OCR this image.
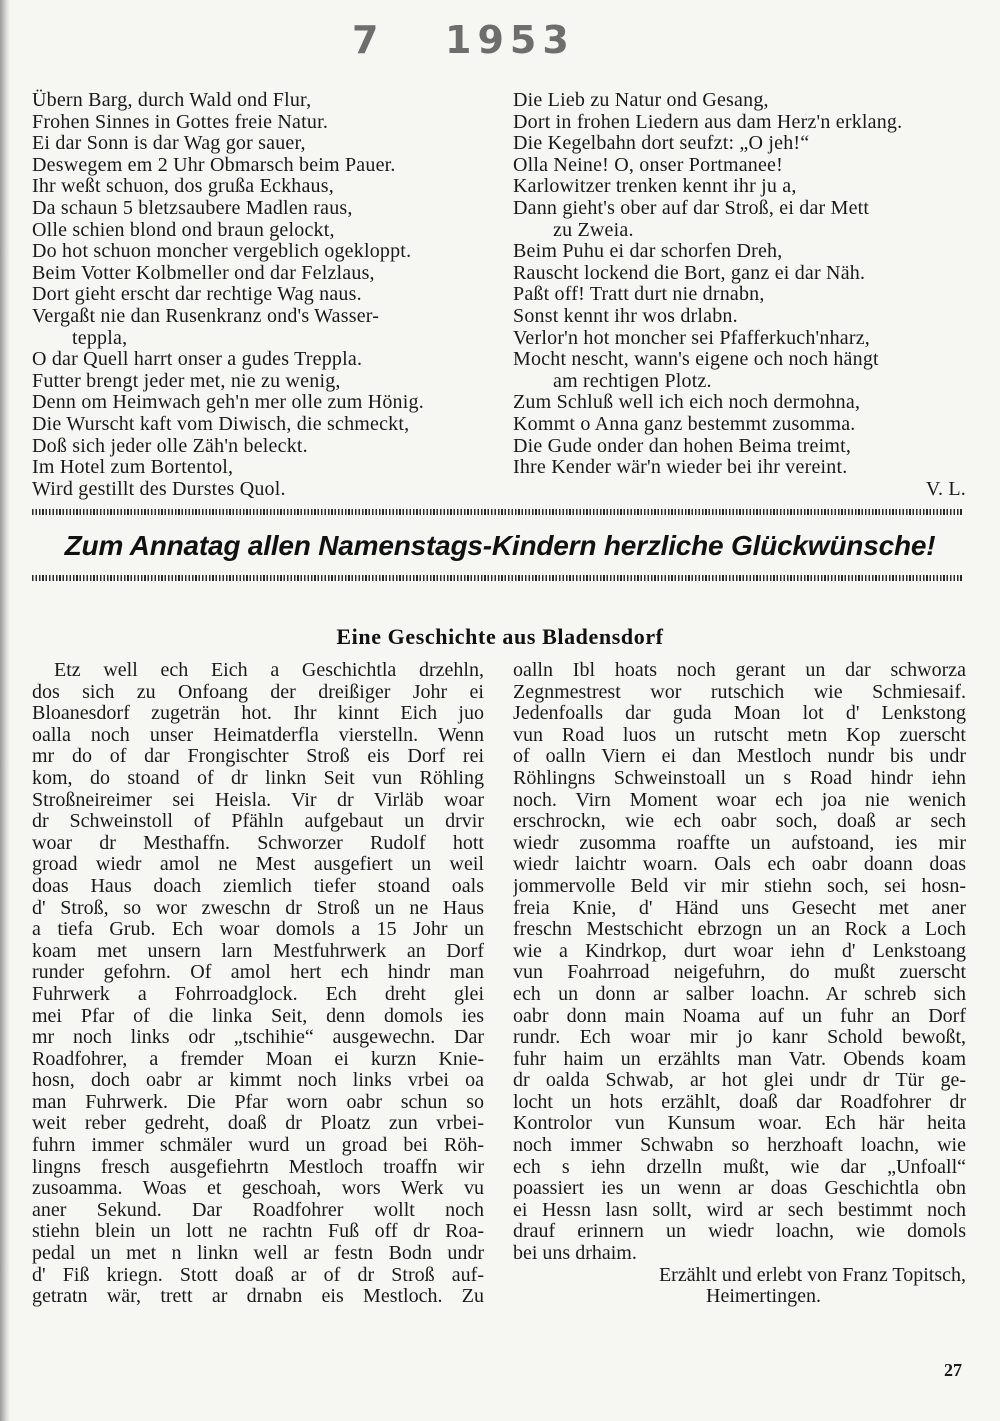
7 1953
Übern Barg, durch Wald ond Flur,
Frohen Sinnes in Gottes freie Natur.
Ei dar Sonn is dar Wag gor sauer,
Deswegem em 2 Uhr Obmarsch beim Pauer.
Ihr weßt schuon, dos grußa Eckhaus,
Da schaun 5 bletzsaubere Madlen raus,
Olle schien blond ond braun gelockt,
Do hot schuon moncher vergeblich ogekloppt.
Beim Votter Kolbmeller ond dar Felzlaus,
Dort gieht erscht dar rechtige Wag naus.
Vergaßt nie dan Rusenkranz ond's Wasser-
teppla,
O dar Quell harrt onser a gudes Treppla.
Futter brengt jeder met, nie zu wenig,
Denn om Heimwach geh'n mer olle zum Hönig.
Die Wurscht kaft vom Diwisch, die schmeckt,
Doß sich jeder olle Zäh'n beleckt.
Im Hotel zum Bortentol,
Wird gestillt des Durstes Quol.
Die Lieb zu Natur ond Gesang,
Dort in frohen Liedern aus dam Herz'n erklang.
Die Kegelbahn dort seufzt: „O jeh!“
Olla Neine! O, onser Portmanee!
Karlowitzer trenken kennt ihr ju a,
Dann gieht's ober auf dar Stroß, ei dar Mett
zu Zweia.
Beim Puhu ei dar schorfen Dreh,
Rauscht lockend die Bort, ganz ei dar Näh.
Paßt off! Tratt durt nie drnabn,
Sonst kennt ihr wos drlabn.
Verlor'n hot moncher sei Pfafferkuch'nharz,
Mocht nescht, wann's eigene och noch hängt
am rechtigen Plotz.
Zum Schluß well ich eich noch dermohna,
Kommt o Anna ganz bestemmt zusomma.
Die Gude onder dan hohen Beima treimt,
Ihre Kender wär'n wieder bei ihr vereint.
V. L.
Zum Annatag allen Namenstags-Kindern herzliche Glückwünsche!
Eine Geschichte aus Bladensdorf
Etz well ech Eich a Geschichtla drzehln,
dos sich zu Onfoang der dreißiger Johr ei
Bloanesdorf zugeträn hot. Ihr kinnt Eich juo
oalla noch unser Heimatderfla vierstelln. Wenn
mr do of dar Frongischter Stroß eis Dorf rei
kom, do stoand of dr linkn Seit vun Röhling
Stroßneireimer sei Heisla. Vir dr Virläb woar
dr Schweinstoll of Pfähln aufgebaut un drvir
woar dr Mesthaffn. Schworzer Rudolf hott
groad wiedr amol ne Mest ausgefiert un weil
doas Haus doach ziemlich tiefer stoand oals
d' Stroß, so wor zweschn dr Stroß un ne Haus
a tiefa Grub. Ech woar domols a 15 Johr un
koam met unsern larn Mestfuhrwerk an Dorf
runder gefohrn. Of amol hert ech hindr man
Fuhrwerk a Fohrroadglock. Ech dreht glei
mei Pfar of die linka Seit, denn domols ies
mr noch links odr „tschihie“ ausgewechn. Dar
Roadfohrer, a fremder Moan ei kurzn Knie-
hosn, doch oabr ar kimmt noch links vrbei oa
man Fuhrwerk. Die Pfar worn oabr schun so
weit reber gedreht, doaß dr Ploatz zun vrbei-
fuhrn immer schmäler wurd un groad bei Röh-
lingns fresch ausgefiehrtn Mestloch troaffn wir
zusoamma. Woas et geschoah, wors Werk vu
aner Sekund. Dar Roadfohrer wollt noch
stiehn blein un lott ne rachtn Fuß off dr Roa-
pedal un met n linkn well ar festn Bodn undr
d' Fiß kriegn. Stott doaß ar of dr Stroß auf-
getratn wär, trett ar drnabn eis Mestloch. Zu
oalln Ibl hoats noch gerant un dar schworza
Zegnmestrest wor rutschich wie Schmiesaif.
Jedenfoalls dar guda Moan lot d' Lenkstong
vun Road luos un rutscht metn Kop zuerscht
of oalln Viern ei dan Mestloch nundr bis undr
Röhlingns Schweinstoall un s Road hindr iehn
noch. Virn Moment woar ech joa nie wenich
erschrockn, wie ech oabr soch, doaß ar sech
wiedr zusomma roaffte un aufstoand, ies mir
wiedr laichtr woarn. Oals ech oabr doann doas
jommervolle Beld vir mir stiehn soch, sei hosn-
freia Knie, d' Händ uns Gesecht met aner
freschn Mestschicht ebrzogn un an Rock a Loch
wie a Kindrkop, durt woar iehn d' Lenkstoang
vun Foahrroad neigefuhrn, do mußt zuerscht
ech un donn ar salber loachn. Ar schreb sich
oabr donn main Noama auf un fuhr an Dorf
rundr. Ech woar mir jo kanr Schold bewoßt,
fuhr haim un erzählts man Vatr. Obends koam
dr oalda Schwab, ar hot glei undr dr Tür ge-
locht un hots erzählt, doaß dar Roadfohrer dr
Kontrolor vun Kunsum woar. Ech här heita
noch immer Schwabn so herzhoaft loachn, wie
ech s iehn drzelln mußt, wie dar „Unfoall“
poassiert ies un wenn ar doas Geschichtla obn
ei Hessn lasn sollt, wird ar sech bestimmt noch
drauf erinnern un wiedr loachn, wie domols
bei uns drhaim.
Erzählt und erlebt von Franz Topitsch,
Heimertingen.
27
